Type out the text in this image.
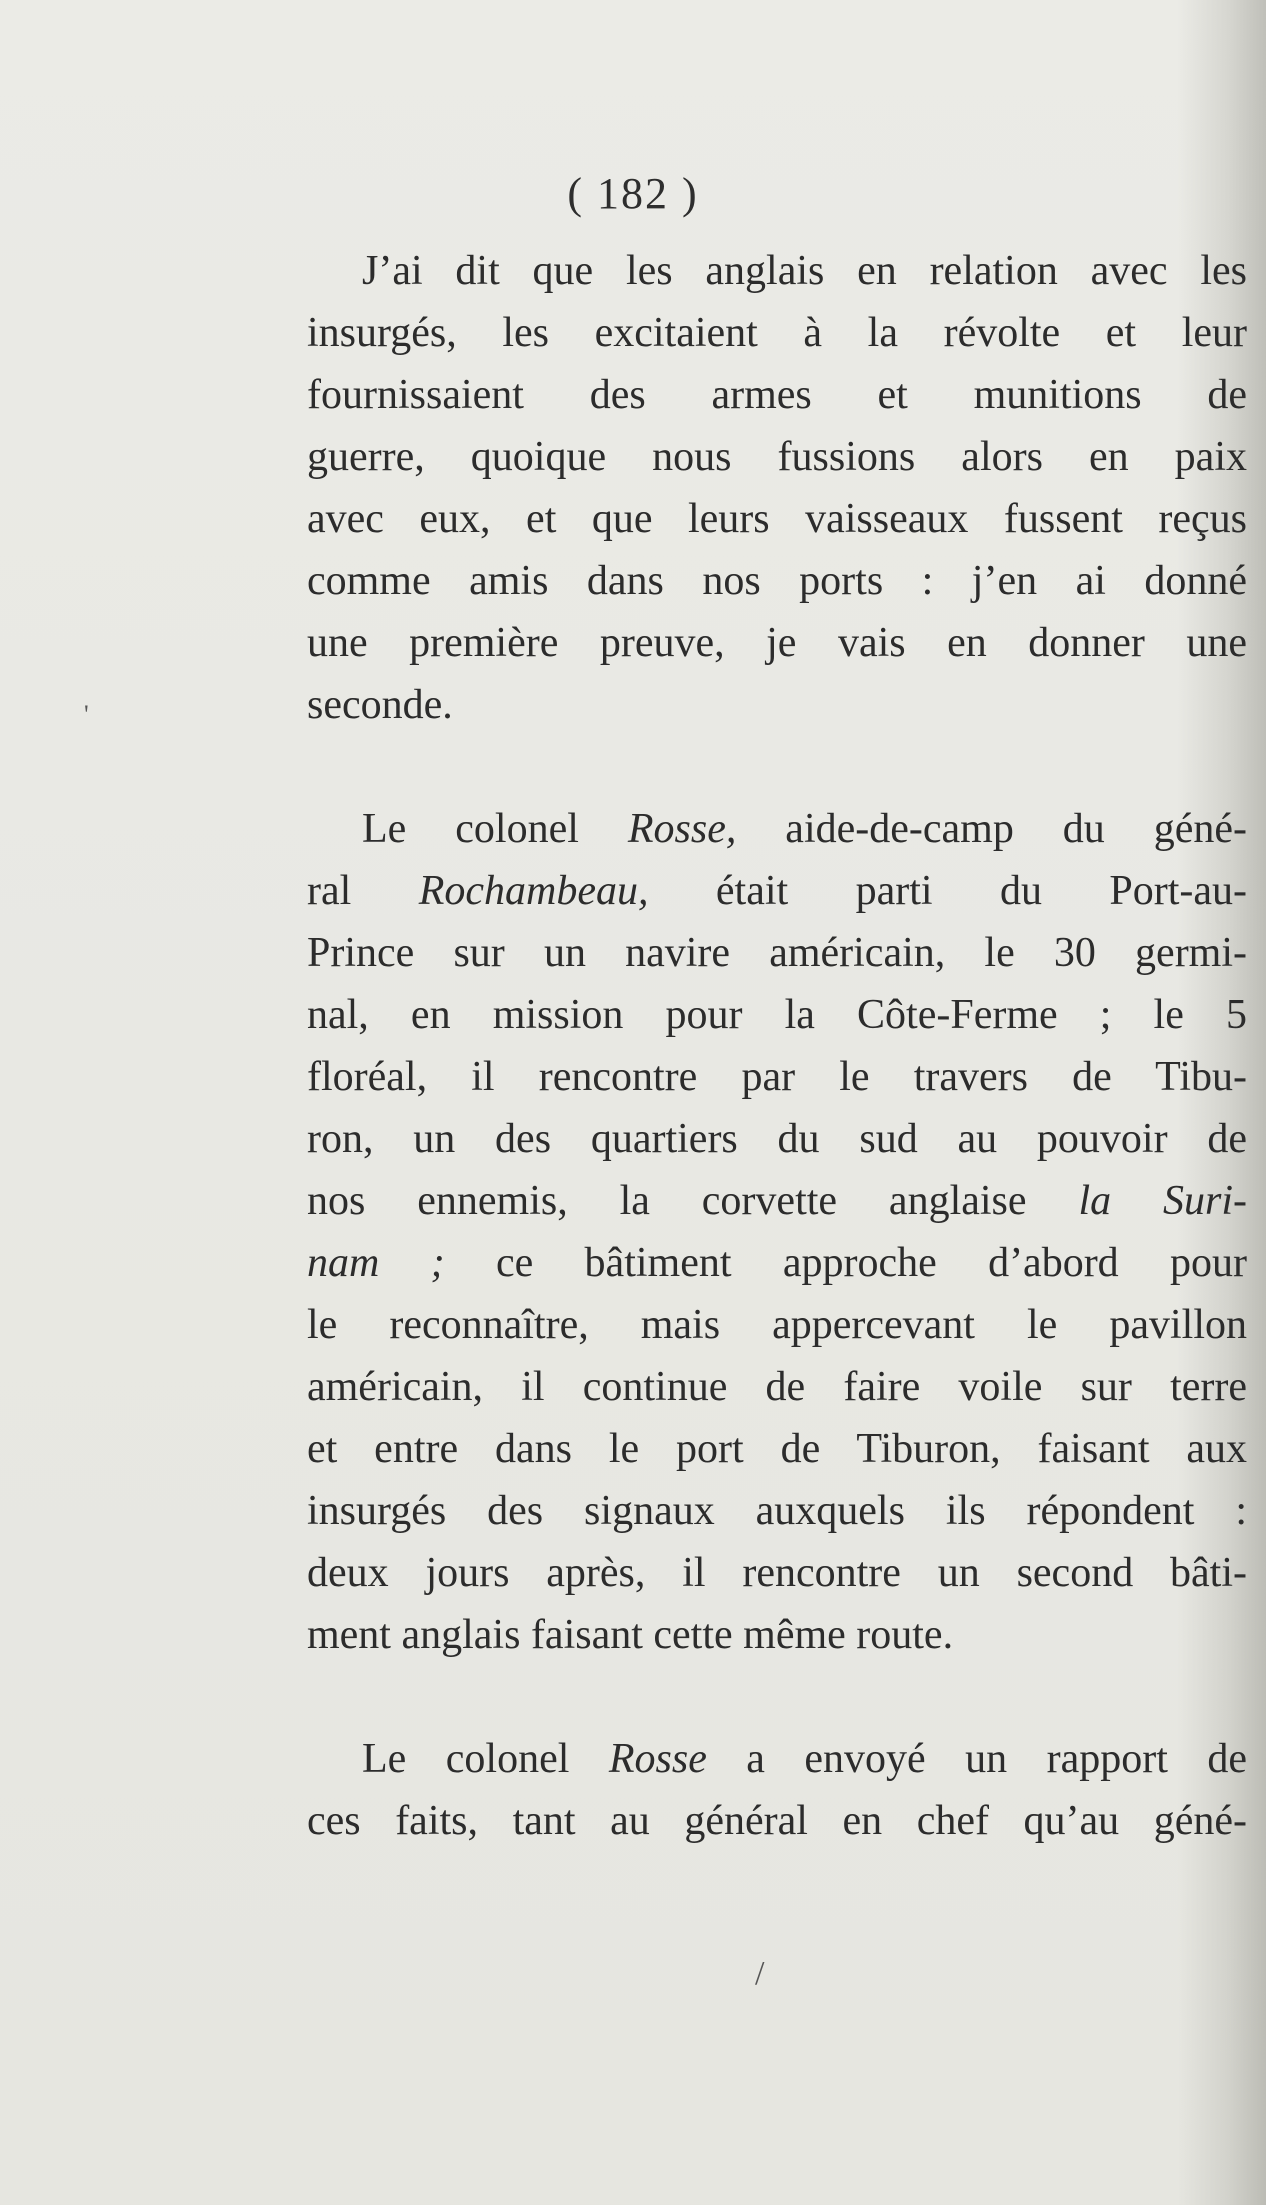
( 182 )
J’ai dit que les anglais en relation avec les
insurgés, les excitaient à la révolte et leur
fournissaient des armes et munitions de
guerre, quoique nous fussions alors en paix
avec eux, et que leurs vaisseaux fussent reçus
comme amis dans nos ports : j’en ai donné
une première preuve, je vais en donner une
seconde.
Le colonel Rosse, aide-de-camp du géné-
ral Rochambeau, était parti du Port-au-
Prince sur un navire américain, le 30 germi-
nal, en mission pour la Côte-Ferme ; le 5
floréal, il rencontre par le travers de Tibu-
ron, un des quartiers du sud au pouvoir de
nos ennemis, la corvette anglaise la Suri-
nam ; ce bâtiment approche d’abord pour
le reconnaître, mais appercevant le pavillon
américain, il continue de faire voile sur terre
et entre dans le port de Tiburon, faisant aux
insurgés des signaux auxquels ils répondent :
deux jours après, il rencontre un second bâti-
ment anglais faisant cette même route.
Le colonel Rosse a envoyé un rapport de
ces faits, tant au général en chef qu’au géné-
/
'
